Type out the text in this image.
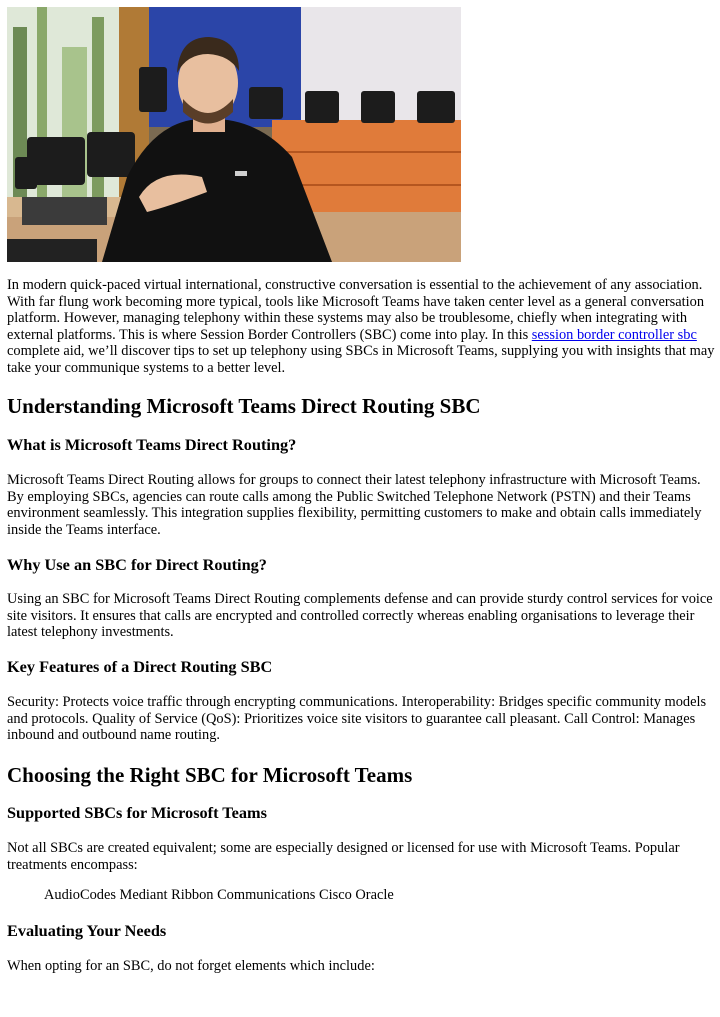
In modern quick-paced virtual international, constructive conversation is essential to the achievement of any association. With far flung work becoming more typical, tools like Microsoft Teams have taken center level as a general conversation platform. However, managing telephony within these systems may also be troublesome, chiefly when integrating with external platforms. This is where Session Border Controllers (SBC) come into play. In this session border controller sbc complete aid, we’ll discover tips to set up telephony using SBCs in Microsoft Teams, supplying you with insights that may take your communique systems to a better level.

Understanding Microsoft Teams Direct Routing SBC
What is Microsoft Teams Direct Routing?

Microsoft Teams Direct Routing allows for groups to connect their latest telephony infrastructure with Microsoft Teams. By employing SBCs, agencies can route calls among the Public Switched Telephone Network (PSTN) and their Teams environment seamlessly. This integration supplies flexibility, permitting customers to make and obtain calls immediately inside the Teams interface.

Why Use an SBC for Direct Routing?

Using an SBC for Microsoft Teams Direct Routing complements defense and can provide sturdy control services for voice site visitors. It ensures that calls are encrypted and controlled correctly whereas enabling organisations to leverage their latest telephony investments.

Key Features of a Direct Routing SBC

Security: Protects voice traffic through encrypting communications. Interoperability: Bridges specific community models and protocols. Quality of Service (QoS): Prioritizes voice site visitors to guarantee call pleasant. Call Control: Manages inbound and outbound name routing.

Choosing the Right SBC for Microsoft Teams
Supported SBCs for Microsoft Teams

Not all SBCs are created equivalent; some are especially designed or licensed for use with Microsoft Teams. Popular treatments encompass:

AudioCodes Mediant Ribbon Communications Cisco Oracle
Evaluating Your Needs

When opting for an SBC, do not forget elements which include:
